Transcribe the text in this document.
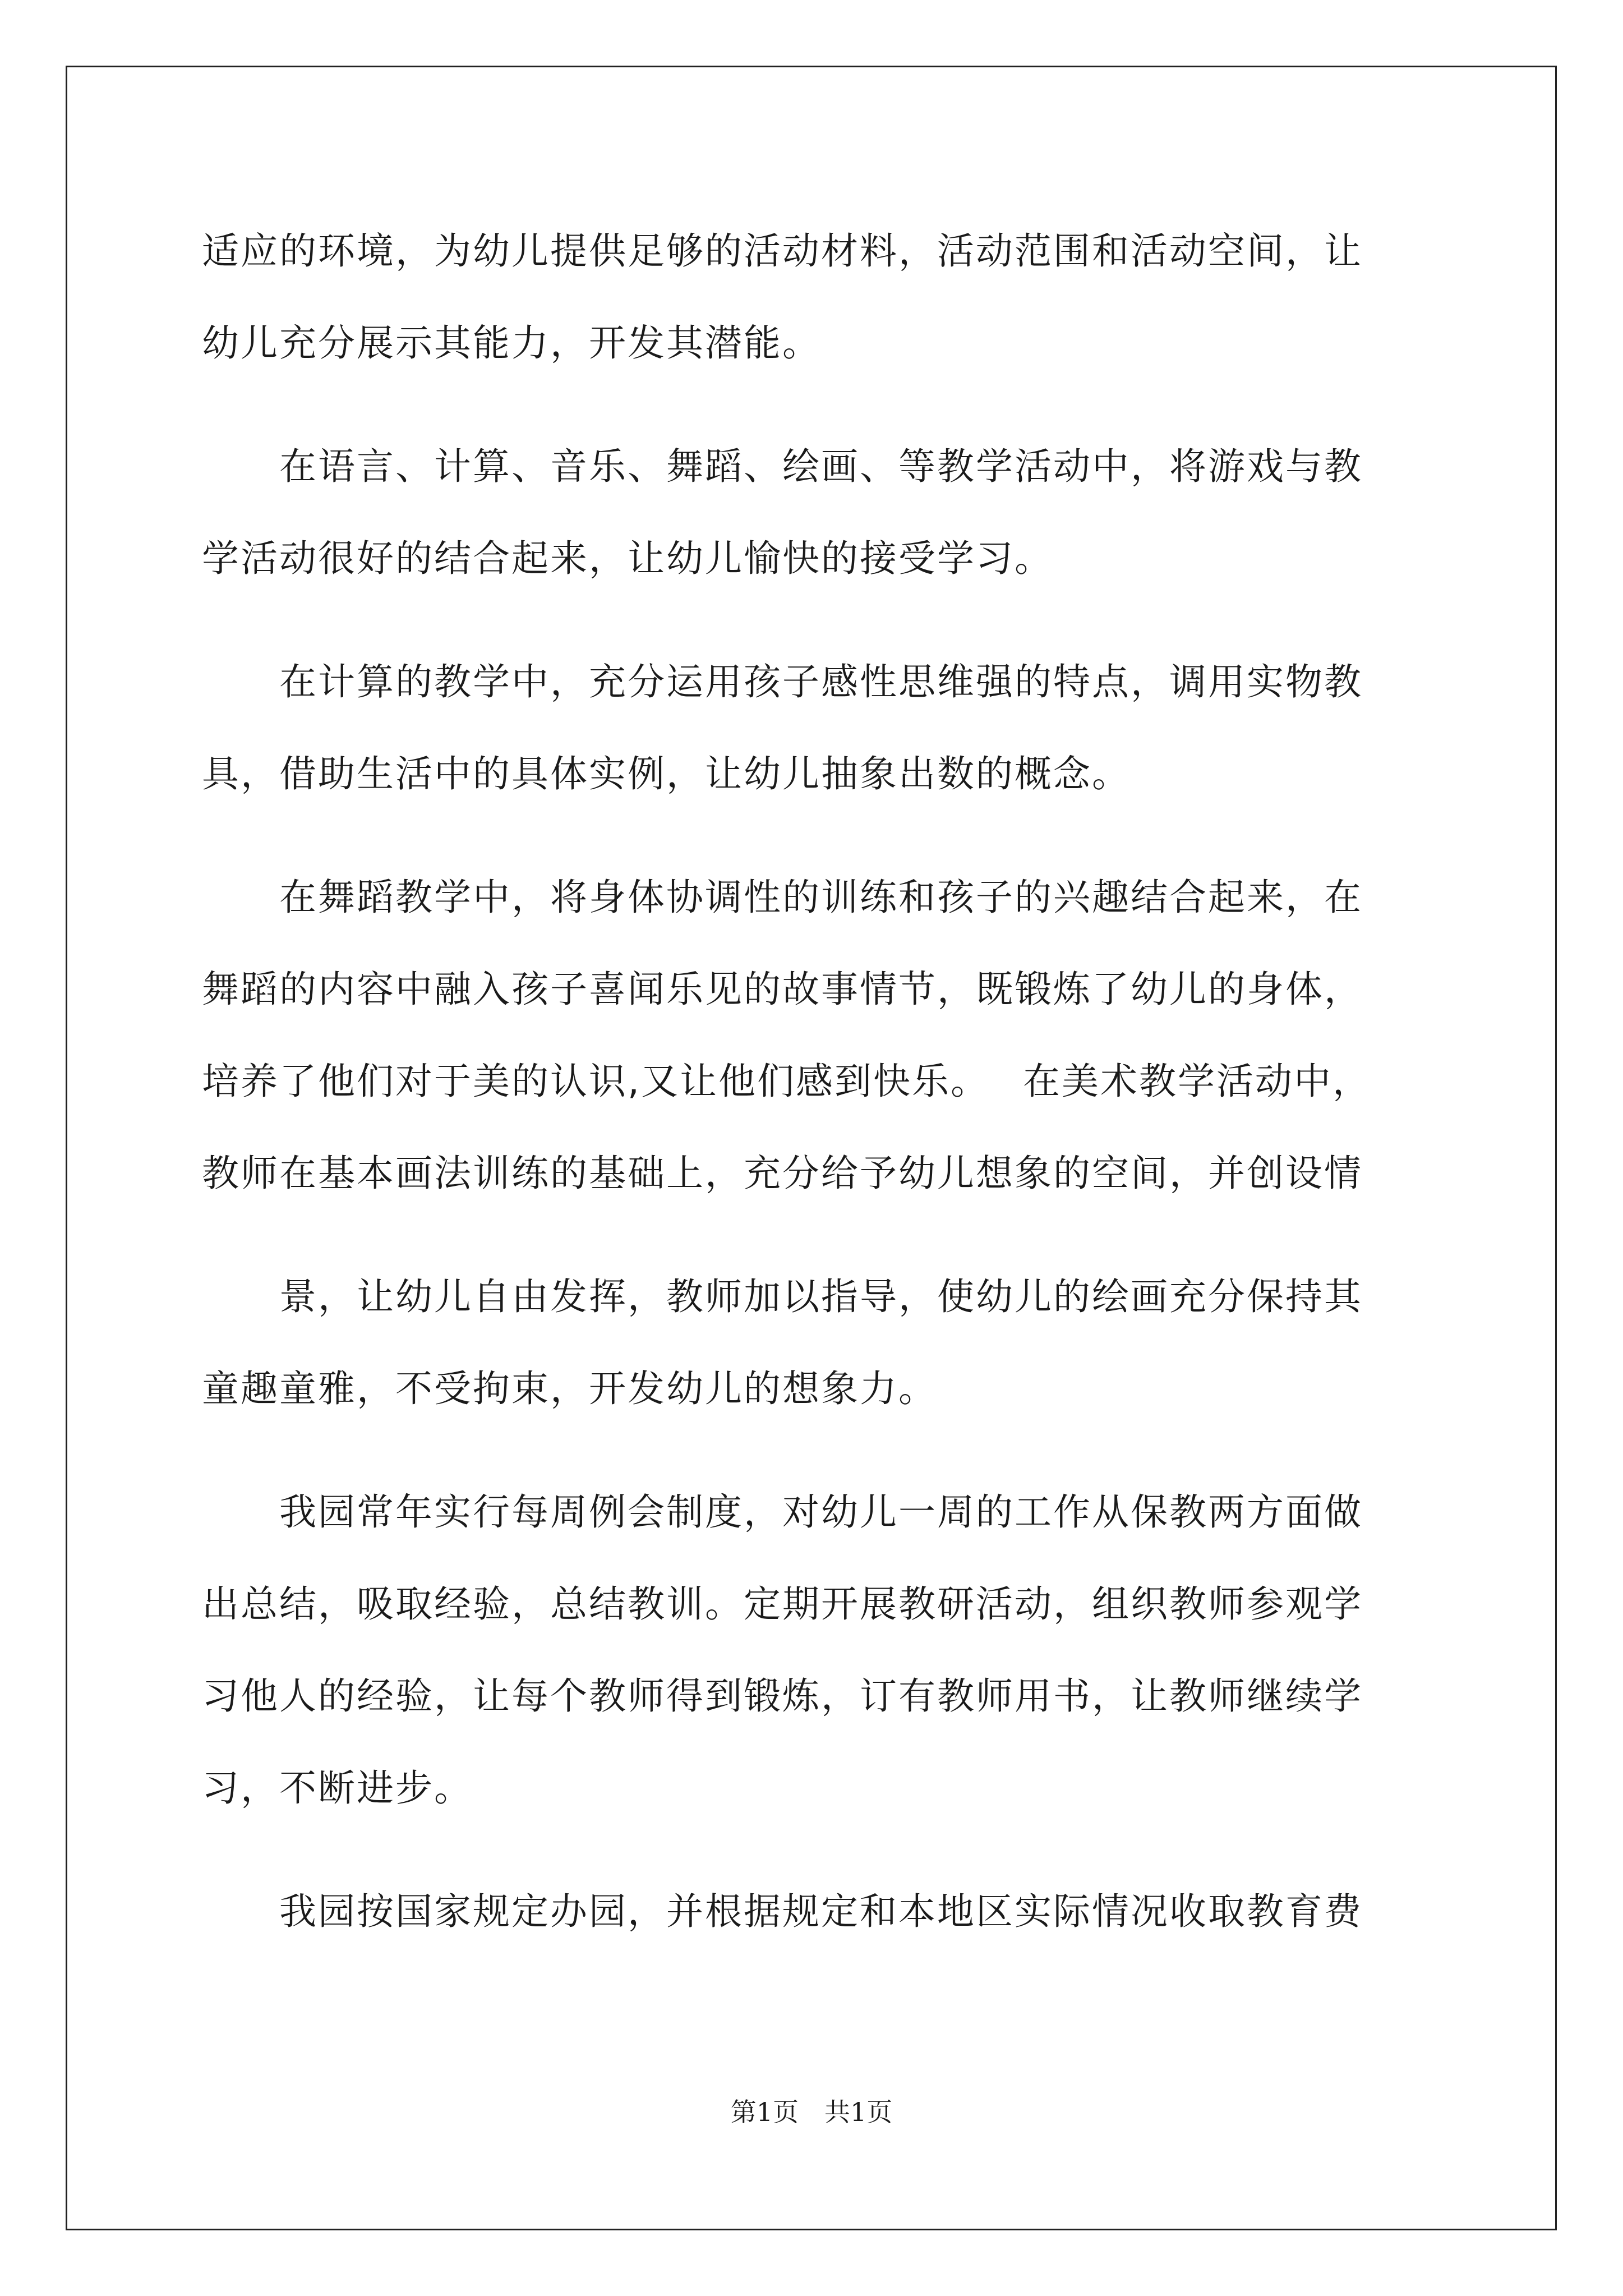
适应的环境，为幼儿提供足够的活动材料，活动范围和活动空间，让
幼儿充分展示其能力，开发其潜能。
　　在语言、计算、音乐、舞蹈、绘画、等教学活动中，将游戏与教
学活动很好的结合起来，让幼儿愉快的接受学习。
　　在计算的教学中，充分运用孩子感性思维强的特点，调用实物教
具，借助生活中的具体实例，让幼儿抽象出数的概念。
　　在舞蹈教学中，将身体协调性的训练和孩子的兴趣结合起来，在
舞蹈的内容中融入孩子喜闻乐见的故事情节，既锻炼了幼儿的身体，
培养了他们对于美的认识,又让他们感到快乐。　 在美术教学活动中，
教师在基本画法训练的基础上，充分给予幼儿想象的空间，并创设情
　　景，让幼儿自由发挥，教师加以指导，使幼儿的绘画充分保持其
童趣童雅，不受拘束，开发幼儿的想象力。
　　我园常年实行每周例会制度，对幼儿一周的工作从保教两方面做
出总结，吸取经验，总结教训。定期开展教研活动，组织教师参观学
习他人的经验，让每个教师得到锻炼，订有教师用书，让教师继续学
习，不断进步。
　　我园按国家规定办园，并根据规定和本地区实际情况收取教育费
第1页　共1页
